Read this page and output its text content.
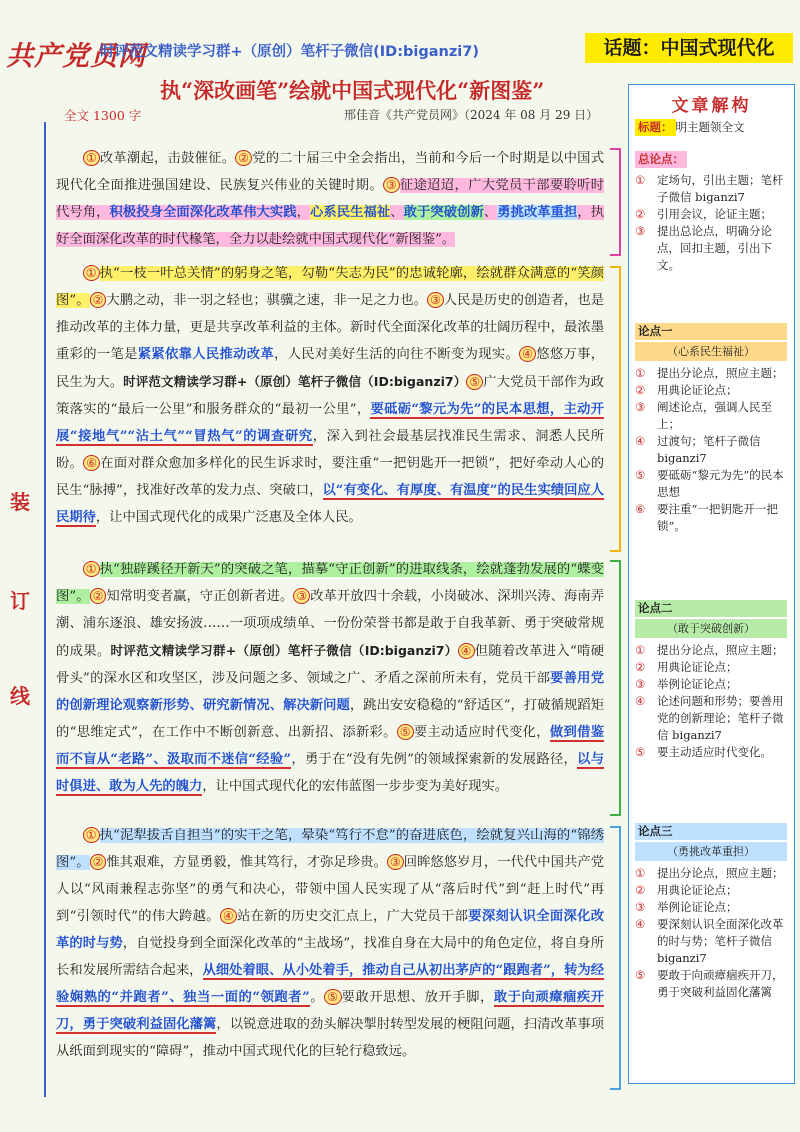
共产党员网
时评范文精读学习群+（原创）笔杆子微信(ID:biganzi7)	话题：中国式现代化
执“深改画笔”绘就中国式现代化“新图鉴”
全文 1300 字	邢佳音《共产党员网》（2024 年 08 月 29 日）
装
订
线

  ① 改革潮起，击鼓催征。 ② 党的二十届三中全会指出，当前和今后一个时期是以中国式现代化全面推进强国建设、民族复兴伟业的关键时期。 ③ 征途迢迢，广大党员干部要聆听时代号角，积极投身全面深化改革伟大实践，心系民生福祉、敢于突破创新、勇挑改革重担，执好全面深化改革的时代椽笔，全力以赴绘就中国式现代化“新图鉴”。

  ① 执“一枝一叶总关情”的躬身之笔，勾勒“失志为民”的忠诚轮廓，绘就群众满意的“笑颜图”。 ② 大鹏之动，非一羽之轻也；骐骥之速，非一足之力也。 ③ 人民是历史的创造者，也是推动改革的主体力量，更是共享改革利益的主体。新时代全面深化改革的壮阔历程中，最浓墨重彩的一笔是紧紧依靠人民推动改革，人民对美好生活的向往不断变为现实。 ④ 悠悠万事，民生为大。时评范文精读学习群+（原创）笔杆子微信（ID:biganzi7） ⑤ 广大党员干部作为政策落实的“最后一公里”和服务群众的“最初一公里”，要砥砺“黎元为先”的民本思想，主动开展“接地气”“沾土气”“冒热气”的调查研究，深入到社会最基层找准民生需求、洞悉人民所盼。 ⑥ 在面对群众愈加多样化的民生诉求时，要注重“一把钥匙开一把锁”，把好牵动人心的民生“脉搏”，找准好改革的发力点、突破口，以“有变化、有厚度、有温度”的民生实绩回应人民期待，让中国式现代化的成果广泛惠及全体人民。

  ① 执“独辟蹊径开新天”的突破之笔，描摹“守正创新”的进取线条，绘就蓬勃发展的“蝶变图”。 ② 知常明变者赢，守正创新者进。 ③ 改革开放四十余载，小岗破冰、深圳兴涛、海南弄潮、浦东逐浪、雄安扬波……一项项成绩单、一份份荣誉书都是敢于自我革新、勇于突破常规的成果。时评范文精读学习群+（原创）笔杆子微信（ID:biganzi7） ④ 但随着改革进入“啃硬骨头”的深水区和攻坚区，涉及问题之多、领域之广、矛盾之深前所未有，党员干部要善用党的创新理论观察新形势、研究新情况、解决新问题，跳出安安稳稳的“舒适区”，打破循规蹈矩的“思维定式”，在工作中不断创新意、出新招、添新彩。 ⑤ 要主动适应时代变化，做到借鉴而不盲从“老路”、汲取而不迷信“经验”，勇于在“没有先例”的领域探索新的发展路径，以与时俱进、敢为人先的魄力，让中国式现代化的宏伟蓝图一步步变为美好现实。

  ① 执“泥犁拔舌自担当”的实干之笔，晕染“笃行不怠”的奋进底色，绘就复兴山海的“锦绣图”。 ② 惟其艰难，方显勇毅，惟其笃行，才弥足珍贵。 ③ 回眸悠悠岁月，一代代中国共产党人以“风雨兼程志弥坚”的勇气和决心，带领中国人民实现了从“落后时代”到“赶上时代”再到“引领时代”的伟大跨越。 ④ 站在新的历史交汇点上，广大党员干部要深刻认识全面深化改革的时与势，自觉投身到全面深化改革的“主战场”，找准自身在大局中的角色定位，将自身所长和发展所需结合起来，从细处着眼、从小处着手，推动自己从初出茅庐的“跟跑者”，转为经验娴熟的“并跑者”、独当一面的“领跑者”。 ⑤ 要敢开思想、放开手脚，敢于向顽瘴痼疾开刀，勇于突破利益固化藩篱，以锐意进取的劲头解决掣肘转型发展的梗阻问题，扫清改革事项从纸面到现实的“障碍”，推动中国式现代化的巨轮行稳致远。

文章解构
标题： 明主题领全文
总论点：
①	定场句，引出主题；笔杆子微信 biganzi7
②	引用会议，论证主题；
③	提出总论点，明确分论点，回扣主题，引出下文。
论点一
（心系民生福祉）
①	提出分论点，照应主题；
②	用典论证论点；
③	阐述论点，强调人民至上；
④	过渡句；笔杆子微信 biganzi7
⑤	要砥砺“黎元为先”的民本思想
⑥	要注重“一把钥匙开一把锁”。
论点二
（敢于突破创新）
①	提出分论点，照应主题；
②	用典论证论点；
③	举例论证论点；
④	论述问题和形势；要善用党的创新理论；笔杆子微信 biganzi7
⑤	要主动适应时代变化。
论点三
（勇挑改革重担）
①	提出分论点，照应主题；
②	用典论证论点；
③	举例论证论点；
④	要深刻认识全面深化改革的时与势；笔杆子微信 biganzi7
⑤	要敢于向顽瘴痼疾开刀，勇于突破利益固化藩篱
